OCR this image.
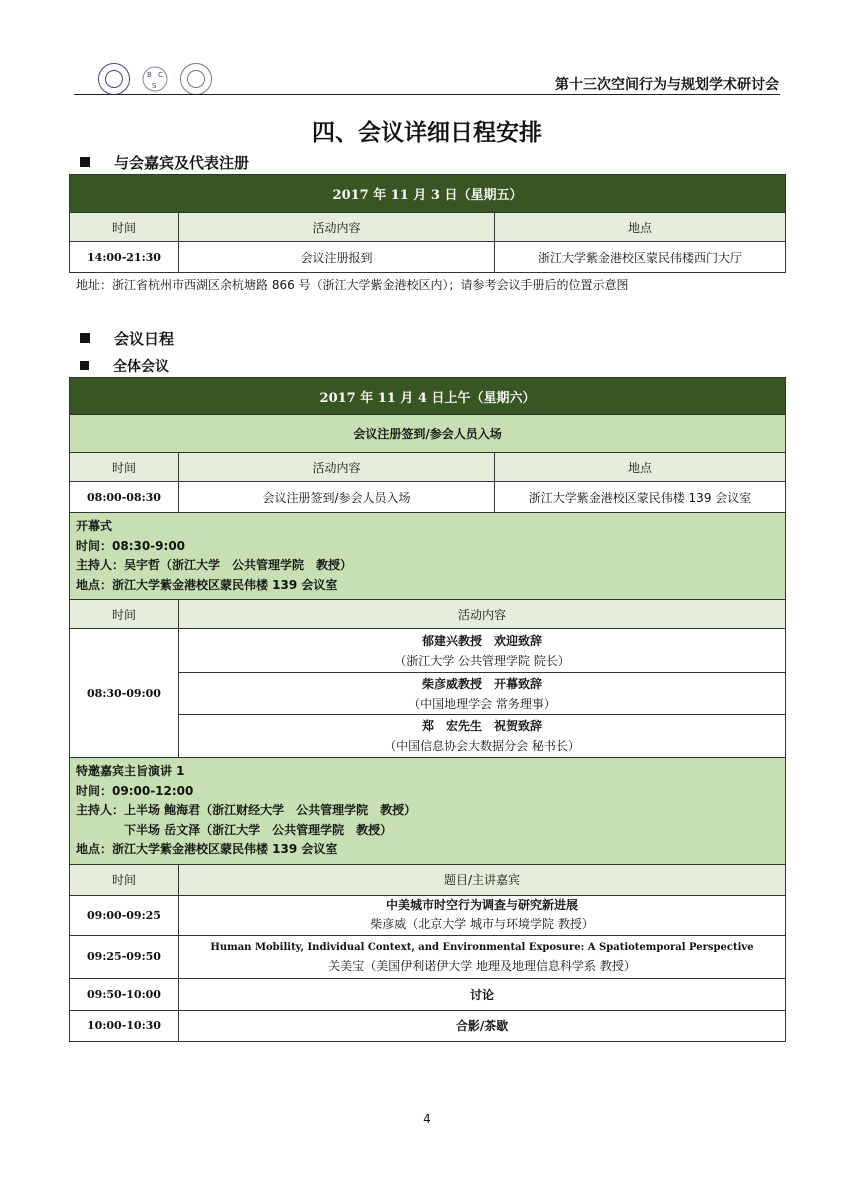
B C
S	第十三次空间行为与规划学术研讨会
四、会议详细日程安排
与会嘉宾及代表注册
2017 年 11 月 3 日（星期五）		
时间	活动内容	地点
14:00-21:30	会议注册报到	浙江大学紫金港校区蒙民伟楼西门大厅
地址：浙江省杭州市西湖区余杭塘路 866 号（浙江大学紫金港校区内）；请参考会议手册后的位置示意图
会议日程
全体会议
2017 年 11 月 4 日上午（星期六）		
会议注册签到/参会人员入场		
时间	活动内容	地点
08:00-08:30	会议注册签到/参会人员入场	浙江大学紫金港校区蒙民伟楼 139 会议室

开幕式
时间：08:30-9:00
主持人：吴宇哲（浙江大学　公共管理学院　教授）
地点：浙江大学紫金港校区蒙民伟楼 139 会议室		

时间	活动内容	
08:30-09:00	郁建兴教授　欢迎致辞
（浙江大学 公共管理学院 院长）	

	柴彦威教授　开幕致辞
（中国地理学会 常务理事）	

	郑　宏先生　祝贺致辞
（中国信息协会大数据分会 秘书长）	

特邀嘉宾主旨演讲 1
时间：09:00-12:00
主持人：上半场 鲍海君（浙江财经大学　公共管理学院　教授）
　　　　下半场 岳文泽（浙江大学　公共管理学院　教授）
地点：浙江大学紫金港校区蒙民伟楼 139 会议室		

时间	题目/主讲嘉宾	
09:00-09:25	中美城市时空行为调查与研究新进展
柴彦威（北京大学 城市与环境学院 教授）	

09:25-09:50	Human Mobility, Individual Context, and Environmental Exposure: A Spatiotemporal Perspective
关美宝（美国伊利诺伊大学 地理及地理信息科学系 教授）	

09:50-10:00	讨论	
10:00-10:30	合影/茶歇	
4
